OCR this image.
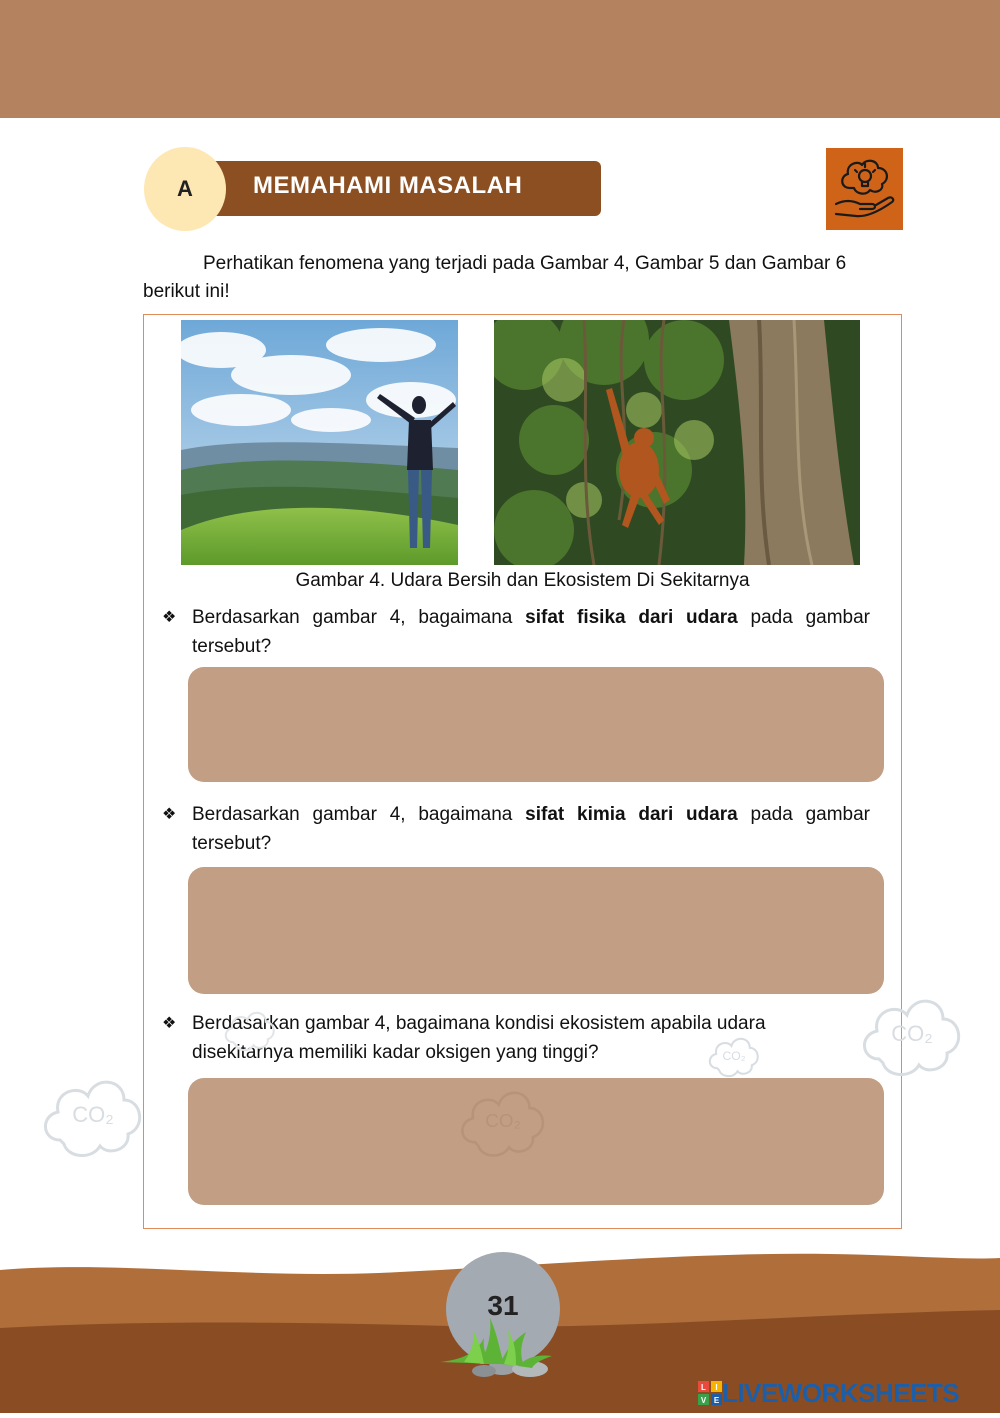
A	MEMAHAMI MASALAH
Perhatikan fenomena yang terjadi pada Gambar 4, Gambar 5 dan Gambar 6 berikut ini!
Gambar 4. Udara Bersih dan Ekosistem Di Sekitarnya
❖ Berdasarkan gambar 4, bagaimana sifat fisika dari udara pada gambar tersebut?
❖ Berdasarkan gambar 4, bagaimana sifat kimia dari udara pada gambar tersebut?
❖ Berdasarkan gambar 4, bagaimana kondisi ekosistem apabila udara disekitarnya memiliki kadar oksigen yang tinggi?
CO₂
CO₂
CO₂
CO₂
31
L I
V E LIVEWORKSHEETS
